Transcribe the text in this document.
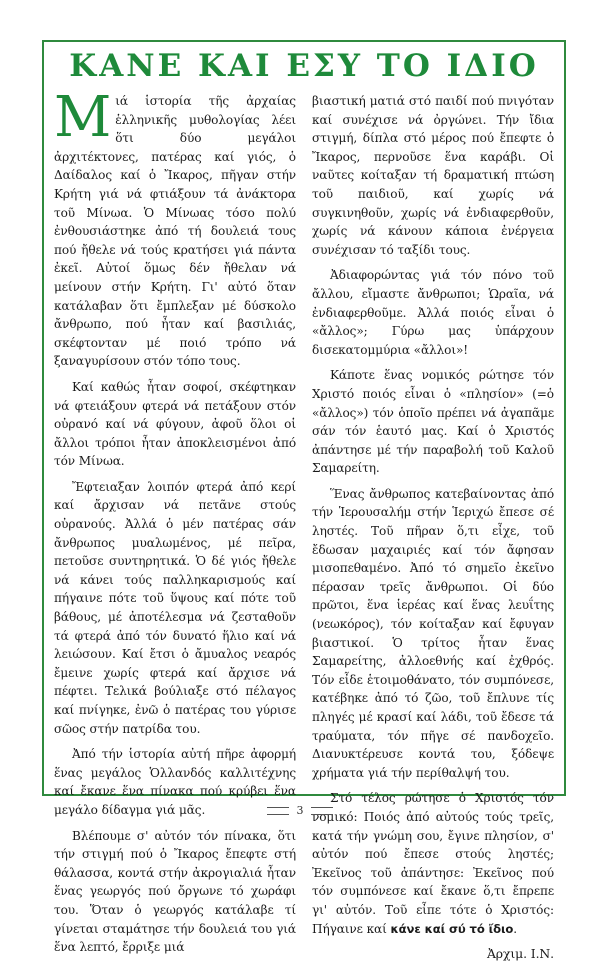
ΚΑΝΕ ΚΑΙ ΕΣΥ ΤΟ ΙΔΙΟ

Μιά ἱστορία τῆς ἀρχαίας ἑλληνικῆς μυθολογίας λέει ὅτι δύο μεγάλοι ἀρχιτέκτονες, πατέρας καί γιός, ὁ Δαίδαλος καί ὁ Ἴκαρος, πῆγαν στήν Κρήτη γιά νά φτιάξουν τά ἀνάκτορα τοῦ Μίνωα. Ὁ Μίνωας τόσο πολύ ἐνθουσιάστηκε ἀπό τή δουλειά τους πού ἤθελε νά τούς κρατήσει γιά πάντα ἐκεῖ. Αὐτοί ὅμως δέν ἤθελαν νά μείνουν στήν Κρήτη. Γι' αὐτό ὅταν κατάλαβαν ὅτι ἔμπλεξαν μέ δύσκολο ἄνθρωπο, πού ἦταν καί βασιλιάς, σκέφτονταν μέ ποιό τρόπο νά ξαναγυρίσουν στόν τόπο τους.

Καί καθώς ἦταν σοφοί, σκέφτηκαν νά φτειάξουν φτερά νά πετάξουν στόν οὐρανό καί νά φύγουν, ἀφοῦ ὅλοι οἱ ἄλλοι τρόποι ἦταν ἀποκλεισμένοι ἀπό τόν Μίνωα.

Ἔφτειαξαν λοιπόν φτερά ἀπό κερί καί ἄρχισαν νά πετᾶνε στούς οὐρανούς. Ἀλλά ὁ μέν πατέρας σάν ἄνθρωπος μυαλωμένος, μέ πεῖρα, πετοῦσε συντηρητικά. Ὁ δέ γιός ἤθελε νά κάνει τούς παλληκαρισμούς καί πήγαινε πότε τοῦ ὕψους καί πότε τοῦ βάθους, μέ ἀποτέλεσμα νά ζεσταθοῦν τά φτερά ἀπό τόν δυνατό ἥλιο καί νά λειώσουν. Καί ἔτσι ὁ ἄμυαλος νεαρός ἔμεινε χωρίς φτερά καί ἄρχισε νά πέφτει. Τελικά βούλιαξε στό πέλαγος καί πνίγηκε, ἐνῶ ὁ πατέρας του γύρισε σῶος στήν πατρίδα του.

Ἀπό τήν ἱστορία αὐτή πῆρε ἀφορμή ἕνας μεγάλος Ὁλλανδός καλλιτέχνης καί ἔκανε ἕνα πίνακα πού κρύβει ἕνα μεγάλο δίδαγμα γιά μᾶς.

Βλέπουμε σ' αὐτόν τόν πίνακα, ὅτι τήν στιγμή πού ὁ Ἴκαρος ἔπεφτε στή θάλασσα, κοντά στήν ἀκρογιαλιά ἦταν ἕνας γεωργός πού ὄργωνε τό χωράφι του. Ὅταν ὁ γεωργός κατάλαβε τί γίνεται σταμάτησε τήν δουλειά του γιά ἕνα λεπτό, ἔρριξε μιά

βιαστική ματιά στό παιδί πού πνιγόταν καί συνέχισε νά ὀργώνει. Τήν ἴδια στιγμή, δίπλα στό μέρος πού ἔπεφτε ὁ Ἴκαρος, περνοῦσε ἕνα καράβι. Οἱ ναῦτες κοίταξαν τή δραματική πτώση τοῦ παιδιοῦ, καί χωρίς νά συγκινηθοῦν, χωρίς νά ἐνδιαφερθοῦν, χωρίς νά κάνουν κάποια ἐνέργεια συνέχισαν τό ταξίδι τους.

Ἀδιαφορώντας γιά τόν πόνο τοῦ ἄλλου, εἴμαστε ἄνθρωποι; Ὡραῖα, νά ἐνδιαφερθοῦμε. Ἀλλά ποιός εἶναι ὁ «ἄλλος»; Γύρω μας ὑπάρχουν δισεκατομμύρια «ἄλλοι»!

Κάποτε ἕνας νομικός ρώτησε τόν Χριστό ποιός εἶναι ὁ «πλησίον» (=ὁ «ἄλλος») τόν ὁποῖο πρέπει νά ἀγαπᾶμε σάν τόν ἑαυτό μας. Καί ὁ Χριστός ἀπάντησε μέ τήν παραβολή τοῦ Καλοῦ Σαμαρείτη.

Ἕνας ἄνθρωπος κατεβαίνοντας ἀπό τήν Ἱερουσαλήμ στήν Ἱεριχώ ἔπεσε σέ ληστές. Τοῦ πῆραν ὅ,τι εἶχε, τοῦ ἔδωσαν μαχαιριές καί τόν ἄφησαν μισοπεθαμένο. Ἀπό τό σημεῖο ἐκεῖνο πέρασαν τρεῖς ἄνθρωποι. Οἱ δύο πρῶτοι, ἕνα ἱερέας καί ἕνας λευΐτης (νεωκόρος), τόν κοίταξαν καί ἔφυγαν βιαστικοί. Ὁ τρίτος ἦταν ἕνας Σαμαρείτης, ἀλλοεθνής καί ἐχθρός. Τόν εἶδε ἑτοιμοθάνατο, τόν συμπόνεσε, κατέβηκε ἀπό τό ζῶο, τοῦ ἔπλυνε τίς πληγές μέ κρασί καί λάδι, τοῦ ἔδεσε τά τραύματα, τόν πῆγε σέ πανδοχεῖο. Διανυκτέρευσε κοντά του, ξόδεψε χρήματα γιά τήν περίθαλψή του.

Στό τέλος ρώτησε ὁ Χριστός τόν νομικό: Ποιός ἀπό αὐτούς τούς τρεῖς, κατά τήν γνώμη σου, ἔγινε πλησίον, σ' αὐτόν πού ἔπεσε στούς ληστές; Ἐκεῖνος τοῦ ἀπάντησε: Ἐκεῖνος πού τόν συμπόνεσε καί ἔκανε ὅ,τι ἔπρεπε γι' αὐτόν. Τοῦ εἶπε τότε ὁ Χριστός: Πήγαινε καί κάνε καί σύ τό ἴδιο.

Ἀρχιμ. Ι.Ν.
3
